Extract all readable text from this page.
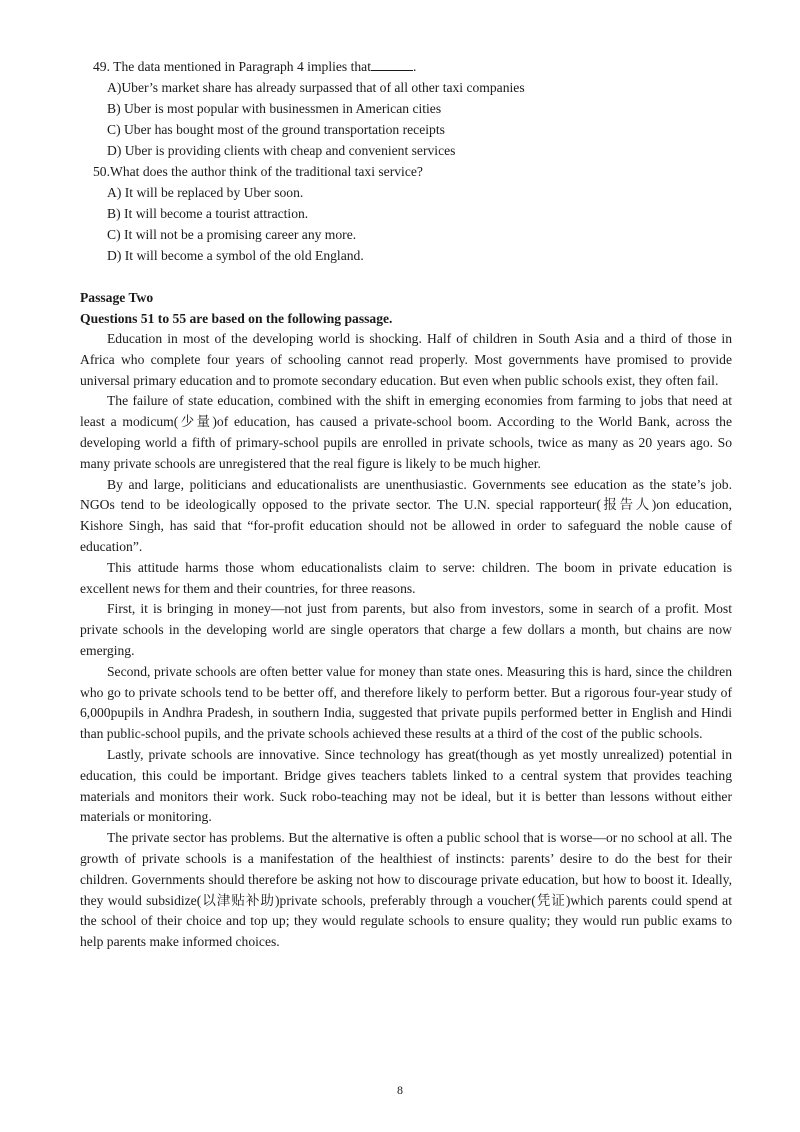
49. The data mentioned in Paragraph 4 implies that	.

A)Uber’s market share has already surpassed that of all other taxi companies

B) Uber is most popular with businessmen in American cities

C) Uber has bought most of the ground transportation receipts

D) Uber is providing clients with cheap and convenient services

50.What does the author think of the traditional taxi service?

A) It will be replaced by Uber soon.

B) It will become a tourist attraction.

C) It will not be a promising career any more.

D) It will become a symbol of the old England.

Passage Two

Questions 51 to 55 are based on the following passage.

Education in most of the developing world is shocking. Half of children in South Asia and a third of those in Africa who complete four years of schooling cannot read properly. Most governments have promised to provide universal primary education and to promote secondary education. But even when public schools exist, they often fail.

The failure of state education, combined with the shift in emerging economies from farming to jobs that need at least a modicum(少量)of education, has caused a private-school boom. According to the World Bank, across the developing world a fifth of primary-school pupils are enrolled in private schools, twice as many as 20 years ago. So many private schools are unregistered that the real figure is likely to be much higher.

By and large, politicians and educationalists are unenthusiastic. Governments see education as the state’s job. NGOs tend to be ideologically opposed to the private sector. The U.N. special rapporteur(报告人)on education, Kishore Singh, has said that “for-profit education should not be allowed in order to safeguard the noble cause of education”.

This attitude harms those whom educationalists claim to serve: children. The boom in private education is excellent news for them and their countries, for three reasons.

First, it is bringing in money—not just from parents, but also from investors, some in search of a profit. Most private schools in the developing world are single operators that charge a few dollars a month, but chains are now emerging.

Second, private schools are often better value for money than state ones. Measuring this is hard, since the children who go to private schools tend to be better off, and therefore likely to perform better. But a rigorous four-year study of 6,000pupils in Andhra Pradesh, in southern India, suggested that private pupils performed better in English and Hindi than public-school pupils, and the private schools achieved these results at a third of the cost of the public schools.

Lastly, private schools are innovative. Since technology has great(though as yet mostly unrealized) potential in education, this could be important. Bridge gives teachers tablets linked to a central system that provides teaching materials and monitors their work. Suck robo-teaching may not be ideal, but it is better than lessons without either materials or monitoring.

The private sector has problems. But the alternative is often a public school that is worse—or no school at all. The growth of private schools is a manifestation of the healthiest of instincts: parents’ desire to do the best for their children. Governments should therefore be asking not how to discourage private education, but how to boost it. Ideally, they would subsidize(以津贴补助)private schools, preferably through a voucher(凭证)which parents could spend at the school of their choice and top up; they would regulate schools to ensure quality; they would run public exams to help parents make informed choices.

8
